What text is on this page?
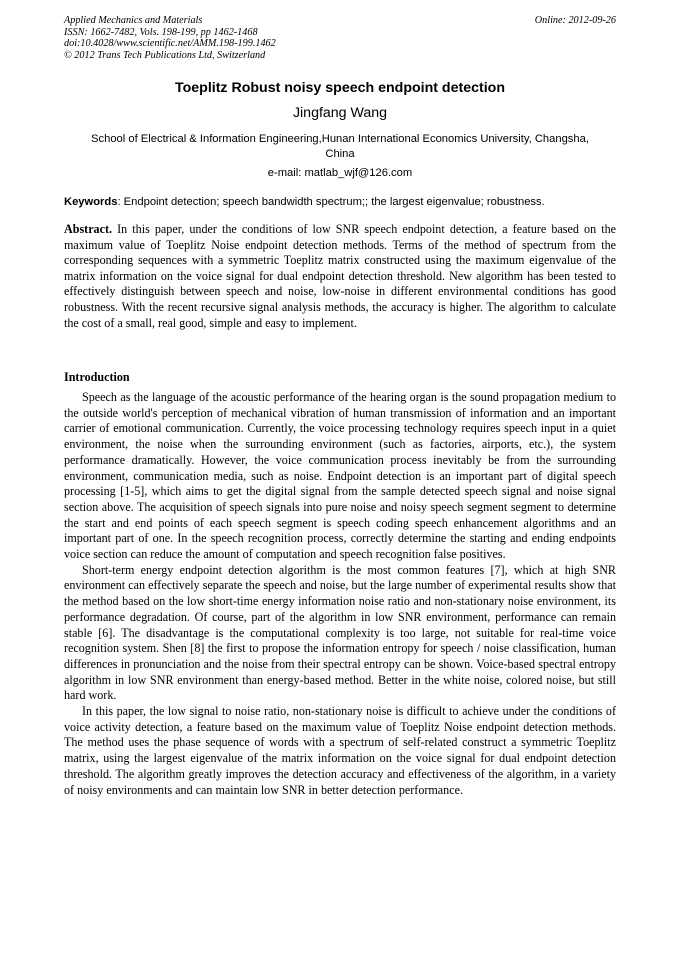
Applied Mechanics and Materials
ISSN: 1662-7482, Vols. 198-199, pp 1462-1468
doi:10.4028/www.scientific.net/AMM.198-199.1462
© 2012 Trans Tech Publications Ltd, Switzerland
Online: 2012-09-26
Toeplitz Robust noisy speech endpoint detection
Jingfang Wang
School of Electrical & Information Engineering,Hunan International Economics University, Changsha, China
e-mail: matlab_wjf@126.com
Keywords: Endpoint detection; speech bandwidth spectrum;; the largest eigenvalue; robustness.
Abstract. In this paper, under the conditions of low SNR speech endpoint detection, a feature based on the maximum value of Toeplitz Noise endpoint detection methods. Terms of the method of spectrum from the corresponding sequences with a symmetric Toeplitz matrix constructed using the maximum eigenvalue of the matrix information on the voice signal for dual endpoint detection threshold. New algorithm has been tested to effectively distinguish between speech and noise, low-noise in different environmental conditions has good robustness. With the recent recursive signal analysis methods, the accuracy is higher. The algorithm to calculate the cost of a small, real good, simple and easy to implement.
Introduction

Speech as the language of the acoustic performance of the hearing organ is the sound propagation medium to the outside world's perception of mechanical vibration of human transmission of information and an important carrier of emotional communication. Currently, the voice processing technology requires speech input in a quiet environment, the noise when the surrounding environment (such as factories, airports, etc.), the system performance dramatically. However, the voice communication process inevitably be from the surrounding environment, communication media, such as noise. Endpoint detection is an important part of digital speech processing [1-5], which aims to get the digital signal from the sample detected speech signal and noise signal section above. The acquisition of speech signals into pure noise and noisy speech segment segment to determine the start and end points of each speech segment is speech coding speech enhancement algorithms and an important part of one. In the speech recognition process, correctly determine the starting and ending endpoints voice section can reduce the amount of computation and speech recognition false positives.

Short-term energy endpoint detection algorithm is the most common features [7], which at high SNR environment can effectively separate the speech and noise, but the large number of experimental results show that the method based on the low short-time energy information noise ratio and non-stationary noise environment, its performance degradation. Of course, part of the algorithm in low SNR environment, performance can remain stable [6]. The disadvantage is the computational complexity is too large, not suitable for real-time voice recognition system. Shen [8] the first to propose the information entropy for speech / noise classification, human differences in pronunciation and the noise from their spectral entropy can be shown. Voice-based spectral entropy algorithm in low SNR environment than energy-based method. Better in the white noise, colored noise, but still hard work.

In this paper, the low signal to noise ratio, non-stationary noise is difficult to achieve under the conditions of voice activity detection, a feature based on the maximum value of Toeplitz Noise endpoint detection methods. The method uses the phase sequence of words with a spectrum of self-related construct a symmetric Toeplitz matrix, using the largest eigenvalue of the matrix information on the voice signal for dual endpoint detection threshold. The algorithm greatly improves the detection accuracy and effectiveness of the algorithm, in a variety of noisy environments and can maintain low SNR in better detection performance.
